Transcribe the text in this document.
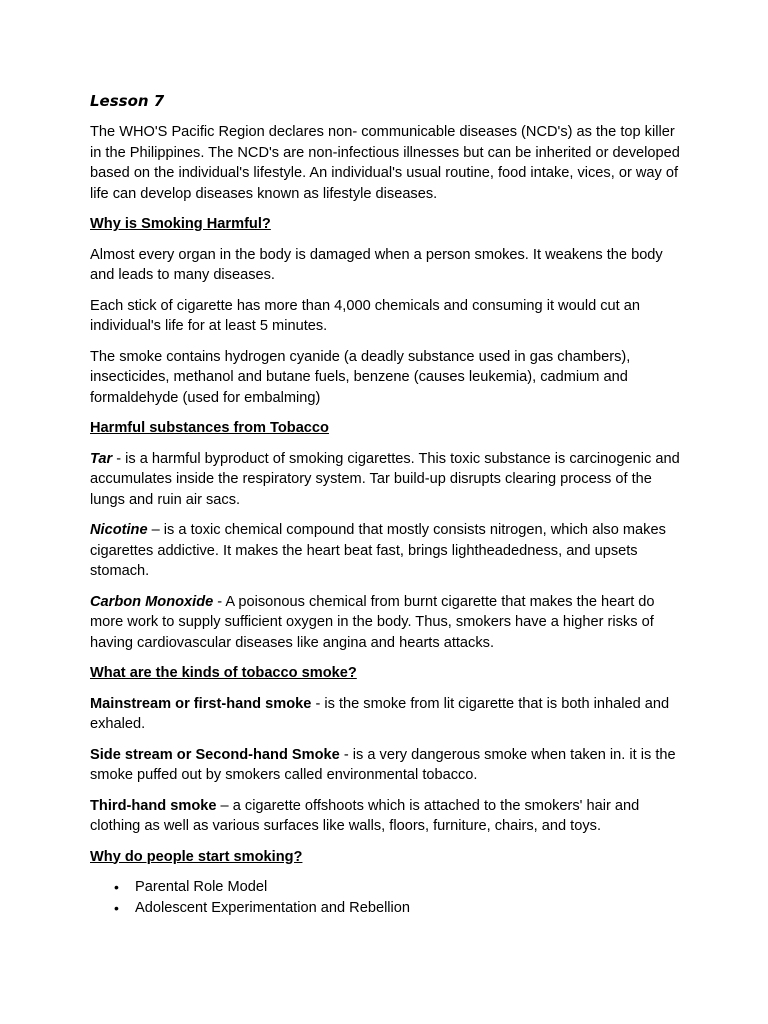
Lesson 7

The WHO'S Pacific Region declares non- communicable diseases (NCD's) as the top killer in the Philippines. The NCD's are non-infectious illnesses but can be inherited or developed based on the individual's lifestyle. An individual's usual routine, food intake, vices, or way of life can develop diseases known as lifestyle diseases.

Why is Smoking Harmful?

Almost every organ in the body is damaged when a person smokes. It weakens the body and leads to many diseases.

Each stick of cigarette has more than 4,000 chemicals and consuming it would cut an individual's life for at least 5 minutes.

The smoke contains hydrogen cyanide (a deadly substance used in gas chambers), insecticides, methanol and butane fuels, benzene (causes leukemia), cadmium and formaldehyde (used for embalming)

Harmful substances from Tobacco

Tar - is a harmful byproduct of smoking cigarettes. This toxic substance is carcinogenic and accumulates inside the respiratory system. Tar build-up disrupts clearing process of the lungs and ruin air sacs.

Nicotine – is a toxic chemical compound that mostly consists nitrogen, which also makes cigarettes addictive. It makes the heart beat fast, brings lightheadedness, and upsets stomach.

Carbon Monoxide - A poisonous chemical from burnt cigarette that makes the heart do more work to supply sufficient oxygen in the body. Thus, smokers have a higher risks of having cardiovascular diseases like angina and hearts attacks.

What are the kinds of tobacco smoke?

Mainstream or first-hand smoke - is the smoke from lit cigarette that is both inhaled and exhaled.

Side stream or Second-hand Smoke - is a very dangerous smoke when taken in. it is the smoke puffed out by smokers called environmental tobacco.

Third-hand smoke – a cigarette offshoots which is attached to the smokers' hair and clothing as well as various surfaces like walls, floors, furniture, chairs, and toys.

Why do people start smoking?

• Parental Role Model
• Adolescent Experimentation and Rebellion
